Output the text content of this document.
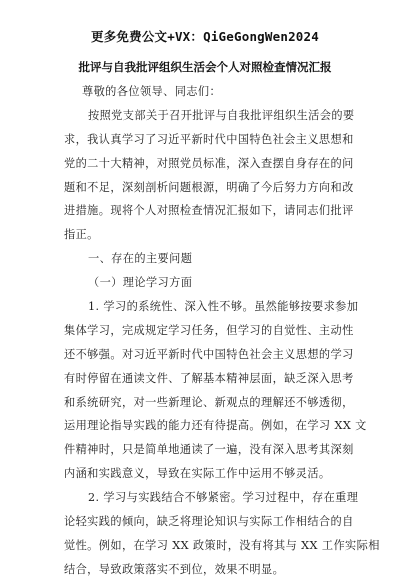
更多免费公文+VX：QiGeGongWen2024
批评与自我批评组织生活会个人对照检查情况汇报
尊敬的各位领导、同志们：
按照党支部关于召开批评与自我批评组织生活会的要
求，我认真学习了习近平新时代中国特色社会主义思想和
党的二十大精神，对照党员标准，深入查摆自身存在的问
题和不足，深刻剖析问题根源，明确了今后努力方向和改
进措施。现将个人对照检查情况汇报如下，请同志们批评
指正。
一、存在的主要问题
（一）理论学习方面
1. 学习的系统性、深入性不够。虽然能够按要求参加
集体学习，完成规定学习任务，但学习的自觉性、主动性
还不够强。对习近平新时代中国特色社会主义思想的学习
有时停留在通读文件、了解基本精神层面，缺乏深入思考
和系统研究，对一些新理论、新观点的理解还不够透彻，
运用理论指导实践的能力还有待提高。例如，在学习 XX 文
件精神时，只是简单地通读了一遍，没有深入思考其深刻
内涵和实践意义，导致在实际工作中运用不够灵活。
2. 学习与实践结合不够紧密。学习过程中，存在重理
论轻实践的倾向，缺乏将理论知识与实际工作相结合的自
觉性。例如，在学习 XX 政策时，没有将其与 XX 工作实际相
结合，导致政策落实不到位，效果不明显。
